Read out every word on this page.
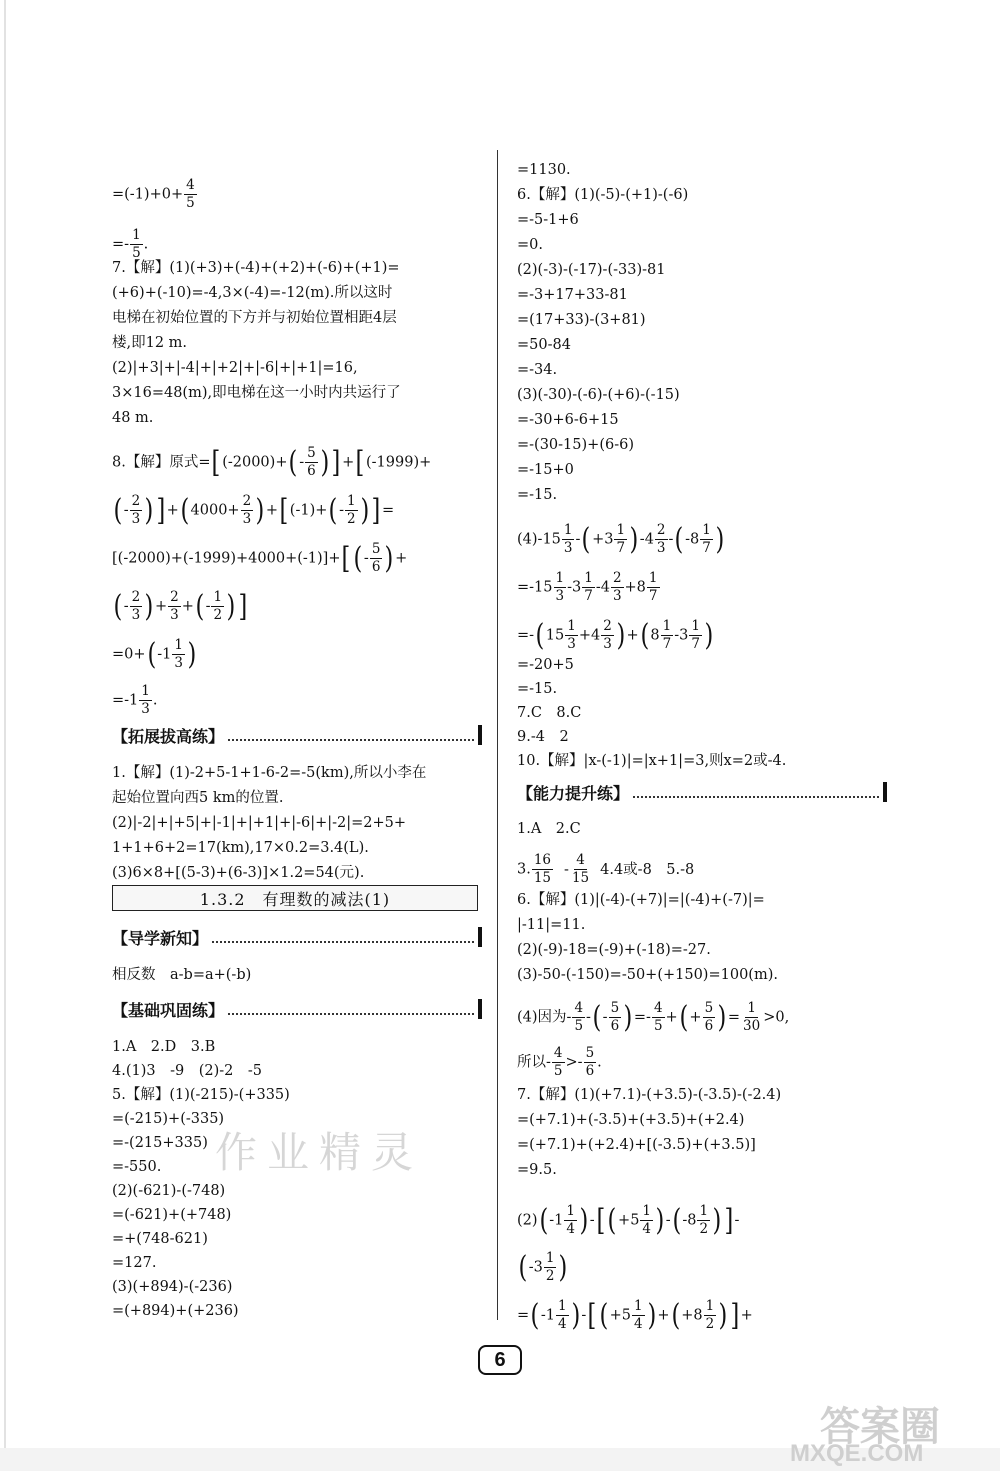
$=(-1)+0+ \frac{4}{5}$
=- $\frac{1}{5}$ .
7.【解】(1)(+3)+(-4)+(+2)+(-6)+(+1)=
(+6)+(-10)=-4,3×(-4)=-12(m).所以这时
电梯在初始位置的下方并与初始位置相距4层
楼,即12 m.
(2)|+3|+|-4|+|+2|+|-6|+|+1|=16,
3×16=48(m),即电梯在这一小时内共运行了
48 m.
8.【解】原式$=[(-2000)+(- \frac{5}{6} )]+[(-1999)+$
(- $\frac{2}{3} )]+(4000+ \frac{2}{3} )+[(-1)+(- \frac{1}{2}$ )]=
$[(-2000)+(-1999)+4000+(-1)]+[(- \frac{5}{6}$ )+
(- $\frac{2}{3}$ )+ $\frac{2}{3}$ +(- $\frac{1}{2}$ )]
$=0+(-1 \frac{1}{3}$ )
$=-1 \frac{1}{3}$ .
【拓展拔高练】
1.【解】(1)-2+5-1+1-6-2=-5(km),所以小李在
起始位置向西5 km的位置.
(2)|-2|+|+5|+|-1|+|+1|+|-6|+|-2|=2+5+
1+1+6+2=17(km),17×0.2=3.4(L).
(3)6×8+[(5-3)+(6-3)]×1.2=54(元).
1.3.2　有理数的减法(1)
【导学新知】
相反数　a-b=a+(-b)
【基础巩固练】
1.A　2.D　3.B
4.(1)3　-9　(2)-2　-5
5.【解】(1)(-215)-(+335)
=(-215)+(-335)
=-(215+335)
=-550.
(2)(-621)-(-748)
=(-621)+(+748)
=+(748-621)
=127.
(3)(+894)-(-236)
=(+894)+(+236)
=1130.
6.【解】(1)(-5)-(+1)-(-6)
=-5-1+6
=0.
(2)(-3)-(-17)-(-33)-81
=-3+17+33-81
=(17+33)-(3+81)
=50-84
=-34.
(3)(-30)-(-6)-(+6)-(-15)
=-30+6-6+15
=-(30-15)+(6-6)
=-15+0
=-15.
$(4)-15 \frac{1}{3} -(+3 \frac{1}{7} )-4 \frac{2}{3} -(-8 \frac{1}{7}$ )
$=-15 \frac{1}{3} -3 \frac{1}{7} -4 \frac{2}{3} +8 \frac{1}{7}$
$=-(15 \frac{1}{3} +4 \frac{2}{3} )+(8 \frac{1}{7} -3 \frac{1}{7}$ )
=-20+5
=-15.
7.C　8.C
9.-4　2
10.【解】|x-(-1)|=|x+1|=3,则x=2或-4.
【能力提升练】
1.A　2.C
3. $\frac{16}{15} - \frac{4}{15} 4.4$或-8　5.-8
6.【解】(1)|(-4)-(+7)|=|(-4)+(-7)|=
|-11|=11.
(2)(-9)-18=(-9)+(-18)=-27.
(3)-50-(-150)=-50+(+150)=100(m).
(4)因为- $\frac{4}{5}$ -(- $\frac{5}{6}$ )=- $\frac{4}{5}$ +(+ $\frac{5}{6}$ )= $\frac{1}{30} >0$,
所以- $\frac{4}{5} >- \frac{5}{6}$ .
7.【解】(1)(+7.1)-(+3.5)-(-3.5)-(-2.4)
=(+7.1)+(-3.5)+(+3.5)+(+2.4)
=(+7.1)+(+2.4)+[(-3.5)+(+3.5)]
=9.5.
$(2)(-1 \frac{1}{4} )-[(+5 \frac{1}{4} )-(-8 \frac{1}{2}$ )]-
($-3 \frac{1}{2}$ )
$=(-1 \frac{1}{4} )-[(+5 \frac{1}{4} )+(+8 \frac{1}{2}$ )]+
作业精灵
6
答案圈
MXQE.COM
